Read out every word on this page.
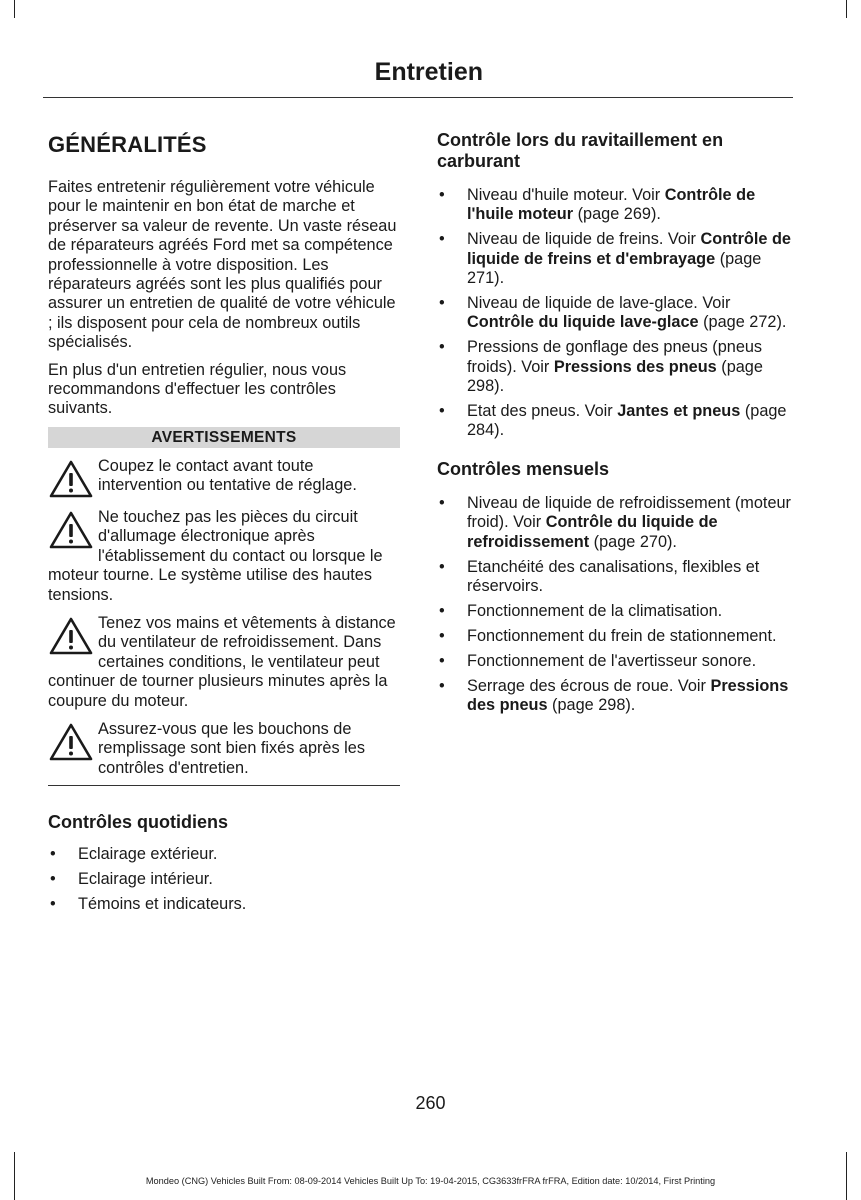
Entretien
GÉNÉRALITÉS

Faites entretenir régulièrement votre véhicule pour le maintenir en bon état de marche et préserver sa valeur de revente. Un vaste réseau de réparateurs agréés Ford met sa compétence professionnelle à votre disposition. Les réparateurs agréés sont les plus qualifiés pour assurer un entretien de qualité de votre véhicule ; ils disposent pour cela de nombreux outils spécialisés.

En plus d'un entretien régulier, nous vous recommandons d'effectuer les contrôles suivants.

AVERTISSEMENTS
Coupez le contact avant toute intervention ou tentative de réglage.
Ne touchez pas les pièces du circuit d'allumage électronique après l'établissement du contact ou lorsque le moteur tourne. Le système utilise des hautes tensions.
Tenez vos mains et vêtements à distance du ventilateur de refroidissement. Dans certaines conditions, le ventilateur peut continuer de tourner plusieurs minutes après la coupure du moteur.
Assurez-vous que les bouchons de remplissage sont bien fixés après les contrôles d'entretien.
Contrôles quotidiens
• Eclairage extérieur.
• Eclairage intérieur.
• Témoins et indicateurs.
Contrôle lors du ravitaillement en carburant
• Niveau d'huile moteur. Voir Contrôle de l'huile moteur (page 269).
• Niveau de liquide de freins. Voir Contrôle de liquide de freins et d'embrayage (page 271).
• Niveau de liquide de lave-glace. Voir Contrôle du liquide lave-glace (page 272).
• Pressions de gonflage des pneus (pneus froids). Voir Pressions des pneus (page 298).
• Etat des pneus. Voir Jantes et pneus (page 284).
Contrôles mensuels
• Niveau de liquide de refroidissement (moteur froid). Voir Contrôle du liquide de refroidissement (page 270).
• Etanchéité des canalisations, flexibles et réservoirs.
• Fonctionnement de la climatisation.
• Fonctionnement du frein de stationnement.
• Fonctionnement de l'avertisseur sonore.
• Serrage des écrous de roue. Voir Pressions des pneus (page 298).
260
Mondeo (CNG) Vehicles Built From: 08-09-2014 Vehicles Built Up To: 19-04-2015, CG3633frFRA frFRA, Edition date: 10/2014, First Printing
